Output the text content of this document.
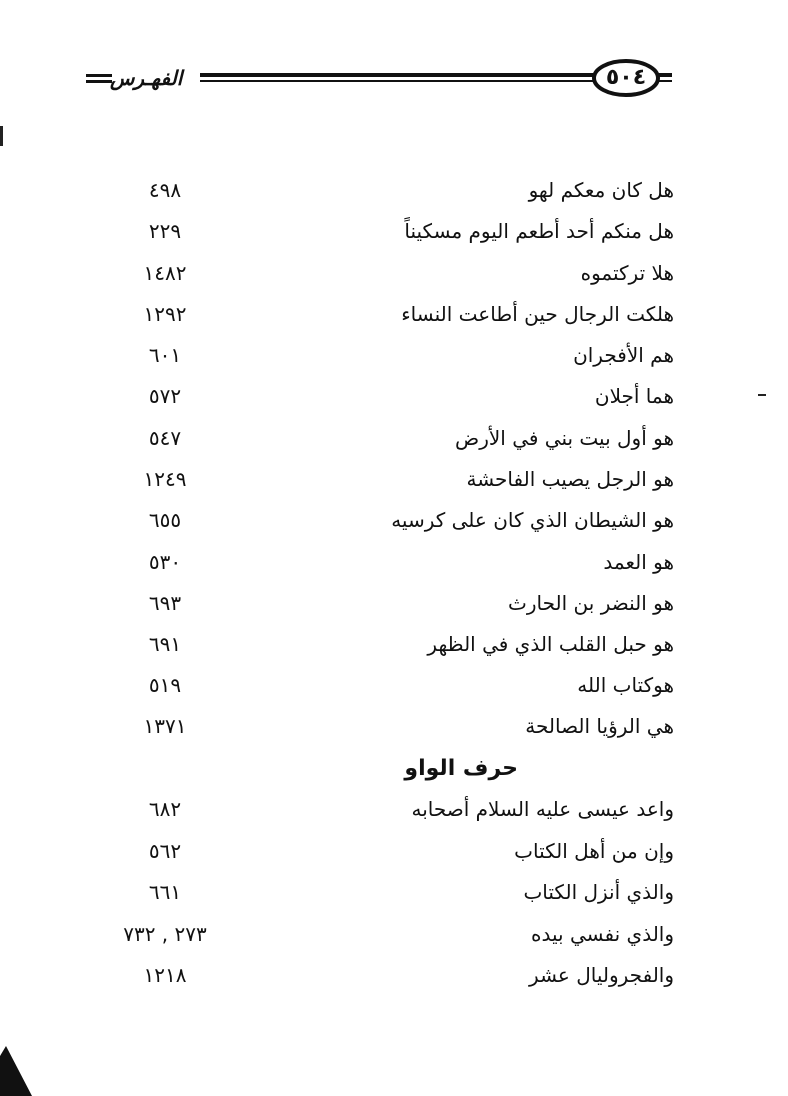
الفهـرس	٥٠٤
هل كان معكم لهو
٤٩٨
هل منكم أحد أطعم اليوم مسكيناً
٢٢٩
هلا تركتموه
١٤٨٢
هلكت الرجال حين أطاعت النساء
١٢٩٢
هم الأفجران
٦٠١
هما أجلان
٥٧٢
هو أول بيت بني في الأرض
٥٤٧
هو الرجل يصيب الفاحشة
١٢٤٩
هو الشيطان الذي كان على كرسيه
٦٥٥
هو العمد
٥٣٠
هو النضر بن الحارث
٦٩٣
هو حبل القلب الذي في الظهر
٦٩١
هوكتاب الله
٥١٩
هي الرؤيا الصالحة
١٣٧١
حرف الواو
واعد عيسى عليه السلام أصحابه
٦٨٢
وإن من أهل الكتاب
٥٦٢
والذي أنزل الكتاب
٦٦١
والذي نفسي بيده
٢٧٣ , ٧٣٢
والفجروليال عشر
١٢١٨
